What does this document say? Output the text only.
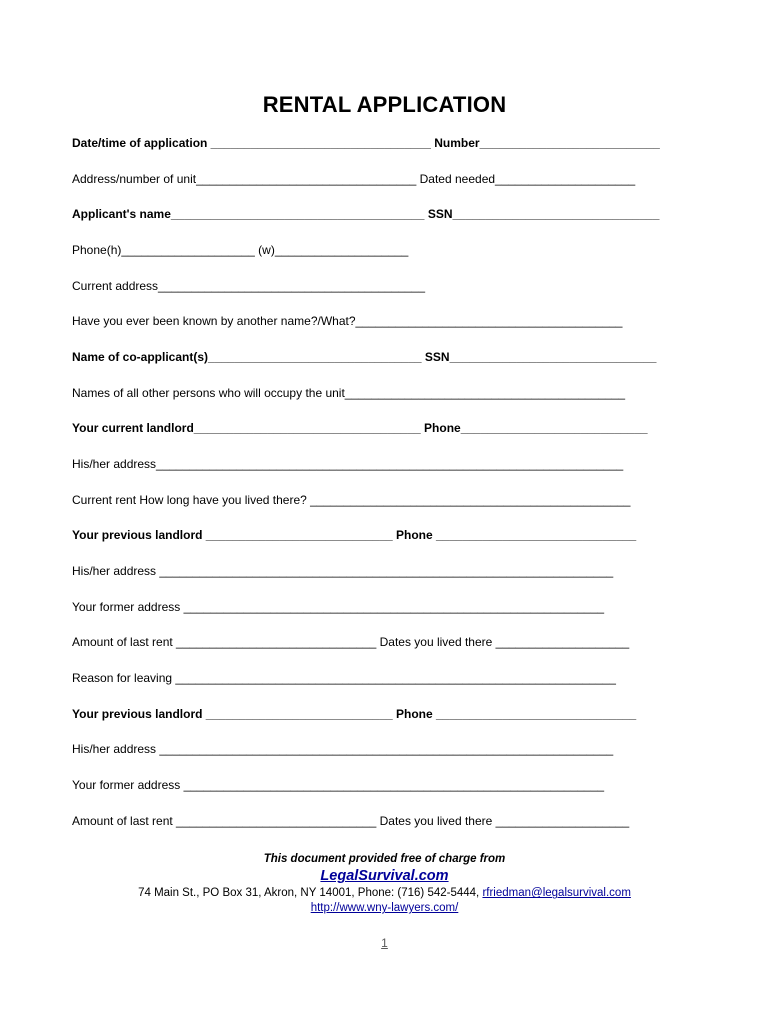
RENTAL APPLICATION
Date/time of application _________________________________ Number___________________________
Address/number of unit_________________________________ Dated needed_____________________
Applicant's name______________________________________ SSN_______________________________
Phone(h)____________________ (w)____________________
Current address________________________________________
Have you ever been known by another name?/What?________________________________________
Name of co-applicant(s)________________________________ SSN_______________________________
Names of all other persons who will occupy the unit__________________________________________
Your current landlord__________________________________ Phone____________________________
His/her address______________________________________________________________________
Current rent How long have you lived there? ________________________________________________
Your previous landlord ____________________________ Phone ______________________________
His/her address ____________________________________________________________________
Your former address _______________________________________________________________
Amount of last rent ______________________________ Dates you lived there ____________________
Reason for leaving __________________________________________________________________
Your previous landlord ____________________________ Phone ______________________________
His/her address ____________________________________________________________________
Your former address _______________________________________________________________
Amount of last rent ______________________________ Dates you lived there ____________________
This document provided free of charge from
LegalSurvival.com
74 Main St., PO Box 31, Akron, NY 14001, Phone: (716) 542-5444, rfriedman@legalsurvival.com
http://www.wny-lawyers.com/
1
